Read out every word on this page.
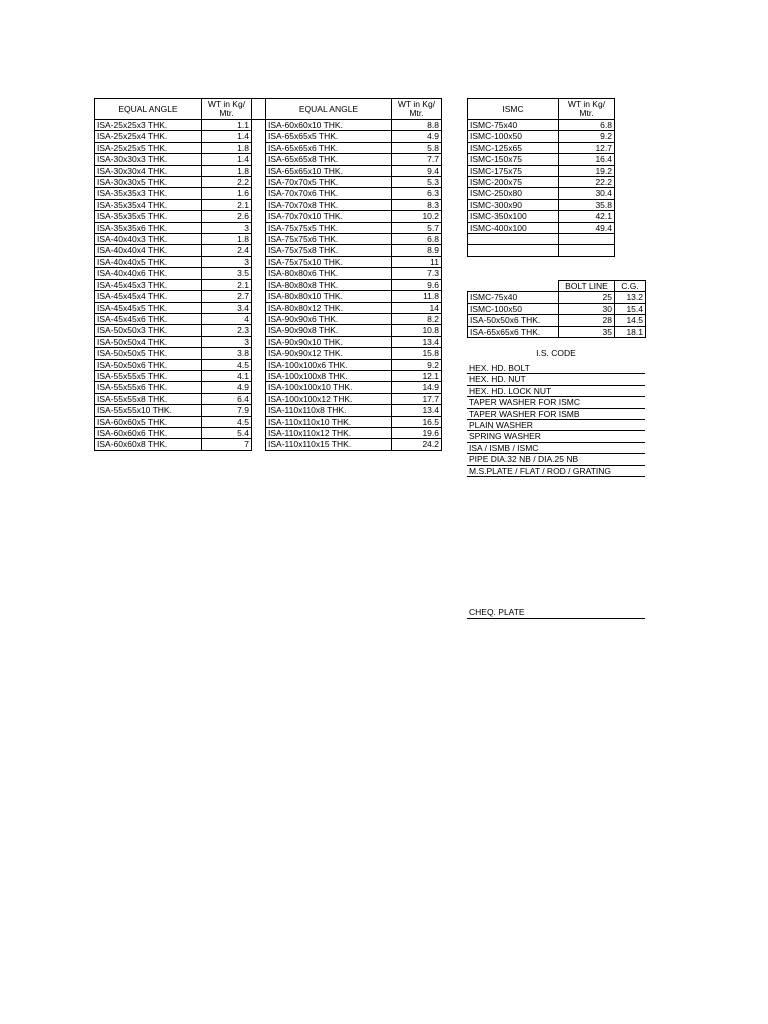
EQUAL ANGLE	WT in Kg/
Mtr.		EQUAL ANGLE	WT in Kg/
Mtr.
ISA-25x25x3 THK.	1.1		ISA-60x60x10 THK.	8.8
ISA-25x25x4 THK.	1.4		ISA-65x65x5 THK.	4.9
ISA-25x25x5 THK.	1.8		ISA-65x65x6 THK.	5.8
ISA-30x30x3 THK.	1.4		ISA-65x65x8 THK.	7.7
ISA-30x30x4 THK.	1.8		ISA-65x65x10 THK.	9.4
ISA-30x30x5 THK.	2.2		ISA-70x70x5 THK.	5.3
ISA-35x35x3 THK.	1.6		ISA-70x70x6 THK.	6.3
ISA-35x35x4 THK.	2.1		ISA-70x70x8 THK.	8.3
ISA-35x35x5 THK.	2.6		ISA-70x70x10 THK.	10.2
ISA-35x35x6 THK.	3		ISA-75x75x5 THK.	5.7
ISA-40x40x3 THK.	1.8		ISA-75x75x6 THK.	6.8
ISA-40x40x4 THK.	2.4		ISA-75x75x8 THK.	8.9
ISA-40x40x5 THK.	3		ISA-75x75x10 THK.	11
ISA-40x40x6 THK.	3.5		ISA-80x80x6 THK.	7.3
ISA-45x45x3 THK.	2.1		ISA-80x80x8 THK.	9.6
ISA-45x45x4 THK.	2.7		ISA-80x80x10 THK.	11.8
ISA-45x45x5 THK.	3.4		ISA-80x80x12 THK.	14
ISA-45x45x6 THK.	4		ISA-90x90x6 THK.	8.2
ISA-50x50x3 THK.	2.3		ISA-90x90x8 THK.	10.8
ISA-50x50x4 THK.	3		ISA-90x90x10 THK.	13.4
ISA-50x50x5 THK.	3.8		ISA-90x90x12 THK.	15.8
ISA-50x50x6 THK.	4.5		ISA-100x100x6 THK.	9.2
ISA-55x55x5 THK.	4.1		ISA-100x100x8 THK.	12.1
ISA-55x55x6 THK.	4.9		ISA-100x100x10 THK.	14.9
ISA-55x55x8 THK.	6.4		ISA-100x100x12 THK.	17.7
ISA-55x55x10 THK.	7.9		ISA-110x110x8 THK.	13.4
ISA-60x60x5 THK.	4.5		ISA-110x110x10 THK.	16.5
ISA-60x60x6 THK.	5.4		ISA-110x110x12 THK.	19.6
ISA-60x60x8 THK.	7		ISA-110x110x15 THK.	24.2
ISMC	WT in Kg/
Mtr.
ISMC-75x40	6.8
ISMC-100x50	9.2
ISMC-125x65	12.7
ISMC-150x75	16.4
ISMC-175x75	19.2
ISMC-200x75	22.2
ISMC-250x80	30.4
ISMC-300x90	35.8
ISMC-350x100	42.1
ISMC-400x100	49.4

	BOLT LINE	C.G.
ISMC-75x40	25	13.2
ISMC-100x50	30	15.4
ISA-50x50x6 THK.	28	14.5
ISA-65x65x6 THK.	35	18.1
I.S. CODE
HEX. HD. BOLT
HEX. HD. NUT
HEX. HD. LOCK NUT
TAPER WASHER FOR ISMC
TAPER WASHER FOR ISMB
PLAIN WASHER
SPRING WASHER
ISA / ISMB / ISMC
PIPE DIA.32 NB / DIA.25 NB
M.S.PLATE / FLAT / ROD / GRATING
CHEQ. PLATE
